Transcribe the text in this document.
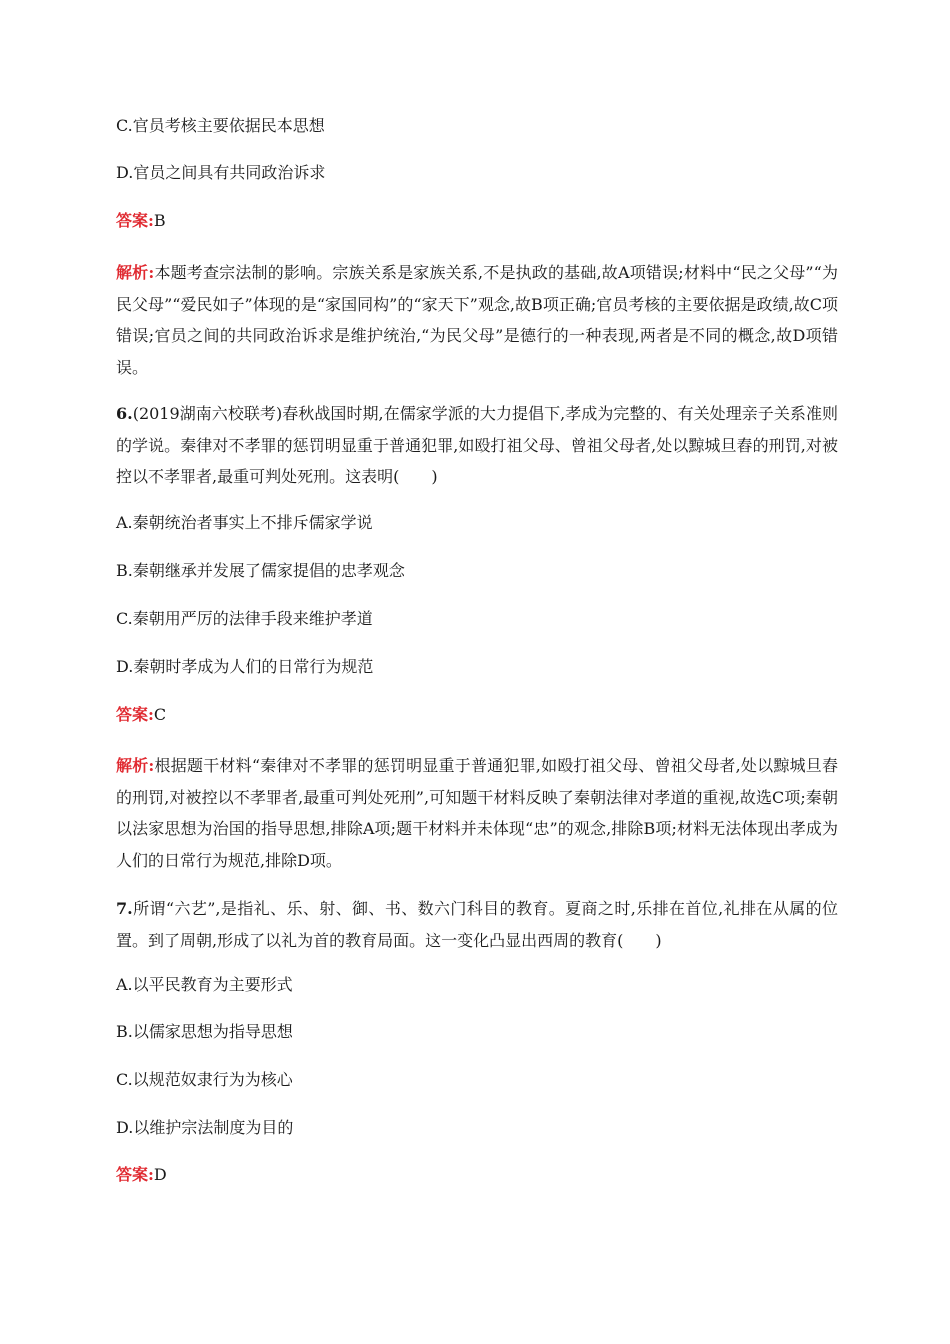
C.官员考核主要依据民本思想
D.官员之间具有共同政治诉求
答案:B
解析:本题考查宗法制的影响。宗族关系是家族关系,不是执政的基础,故A项错误;材料中“民之父母”“为民父母”“爱民如子”体现的是“家国同构”的“家天下”观念,故B项正确;官员考核的主要依据是政绩,故C项错误;官员之间的共同政治诉求是维护统治,“为民父母”是德行的一种表现,两者是不同的概念,故D项错误。
6.(2019湖南六校联考)春秋战国时期,在儒家学派的大力提倡下,孝成为完整的、有关处理亲子关系准则的学说。秦律对不孝罪的惩罚明显重于普通犯罪,如殴打祖父母、曾祖父母者,处以黥城旦舂的刑罚,对被控以不孝罪者,最重可判处死刑。这表明(　　)
A.秦朝统治者事实上不排斥儒家学说
B.秦朝继承并发展了儒家提倡的忠孝观念
C.秦朝用严厉的法律手段来维护孝道
D.秦朝时孝成为人们的日常行为规范
答案:C
解析:根据题干材料“秦律对不孝罪的惩罚明显重于普通犯罪,如殴打祖父母、曾祖父母者,处以黥城旦舂的刑罚,对被控以不孝罪者,最重可判处死刑”,可知题干材料反映了秦朝法律对孝道的重视,故选C项;秦朝以法家思想为治国的指导思想,排除A项;题干材料并未体现“忠”的观念,排除B项;材料无法体现出孝成为人们的日常行为规范,排除D项。
7.所谓“六艺”,是指礼、乐、射、御、书、数六门科目的教育。夏商之时,乐排在首位,礼排在从属的位置。到了周朝,形成了以礼为首的教育局面。这一变化凸显出西周的教育(　　)
A.以平民教育为主要形式
B.以儒家思想为指导思想
C.以规范奴隶行为为核心
D.以维护宗法制度为目的
答案:D
